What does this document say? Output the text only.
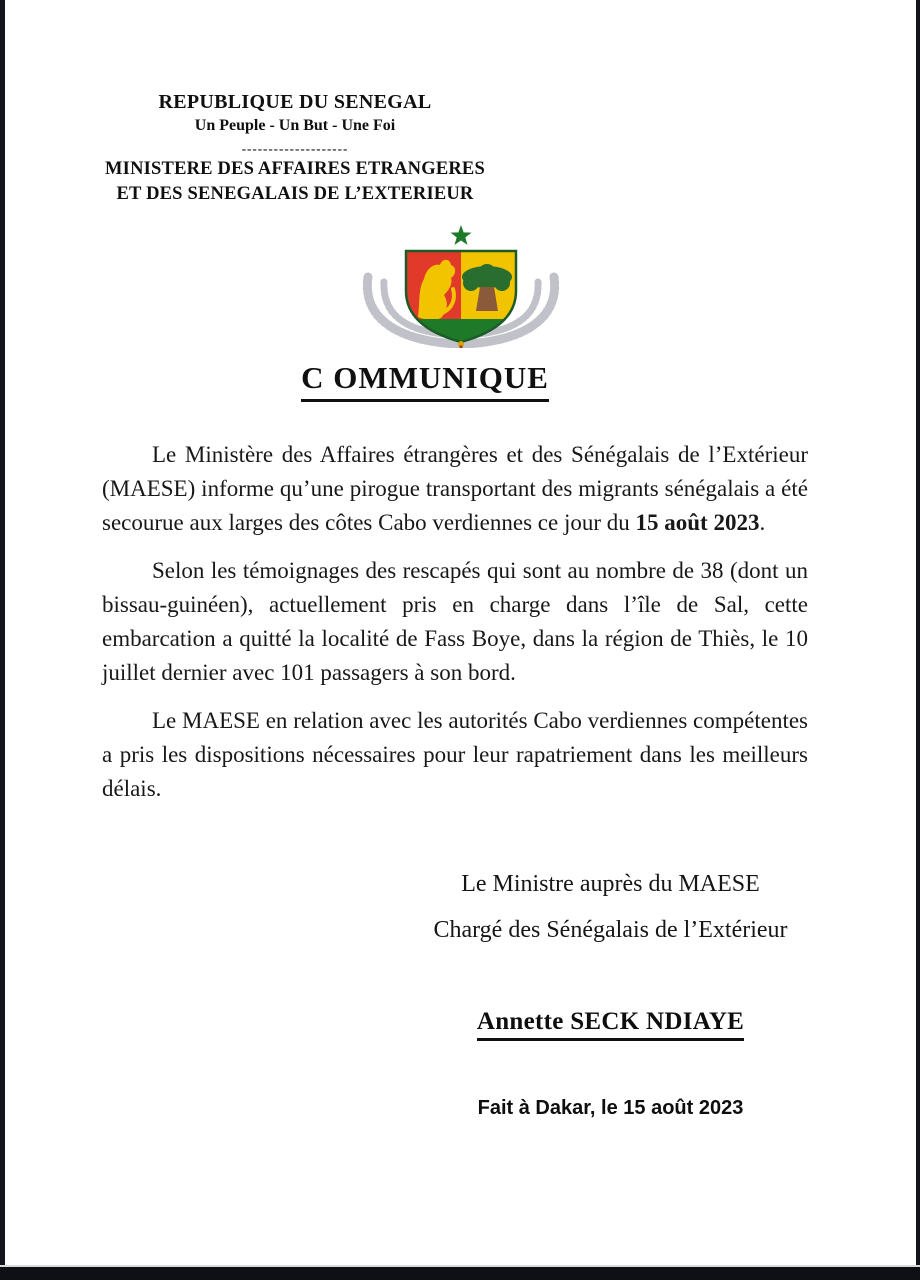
REPUBLIQUE DU SENEGAL
Un Peuple - Un But - Une Foi
--------------------
MINISTERE DES AFFAIRES ETRANGERES
ET DES SENEGALAIS DE L’EXTERIEUR
C OMMUNIQUE

Le Ministère des Affaires étrangères et des Sénégalais de l’Extérieur (MAESE) informe qu’une pirogue transportant des migrants sénégalais a été secourue aux larges des côtes Cabo verdiennes ce jour du 15 août 2023.

Selon les témoignages des rescapés qui sont au nombre de 38 (dont un bissau-guinéen), actuellement pris en charge dans l’île de Sal, cette embarcation a quitté la localité de Fass Boye, dans la région de Thiès, le 10 juillet dernier avec 101 passagers à son bord.

Le MAESE en relation avec les autorités Cabo verdiennes compétentes a pris les dispositions nécessaires pour leur rapatriement dans les meilleurs délais.

Le Ministre auprès du MAESE
Chargé des Sénégalais de l’Extérieur
Annette SECK NDIAYE
Fait à Dakar, le 15 août 2023
